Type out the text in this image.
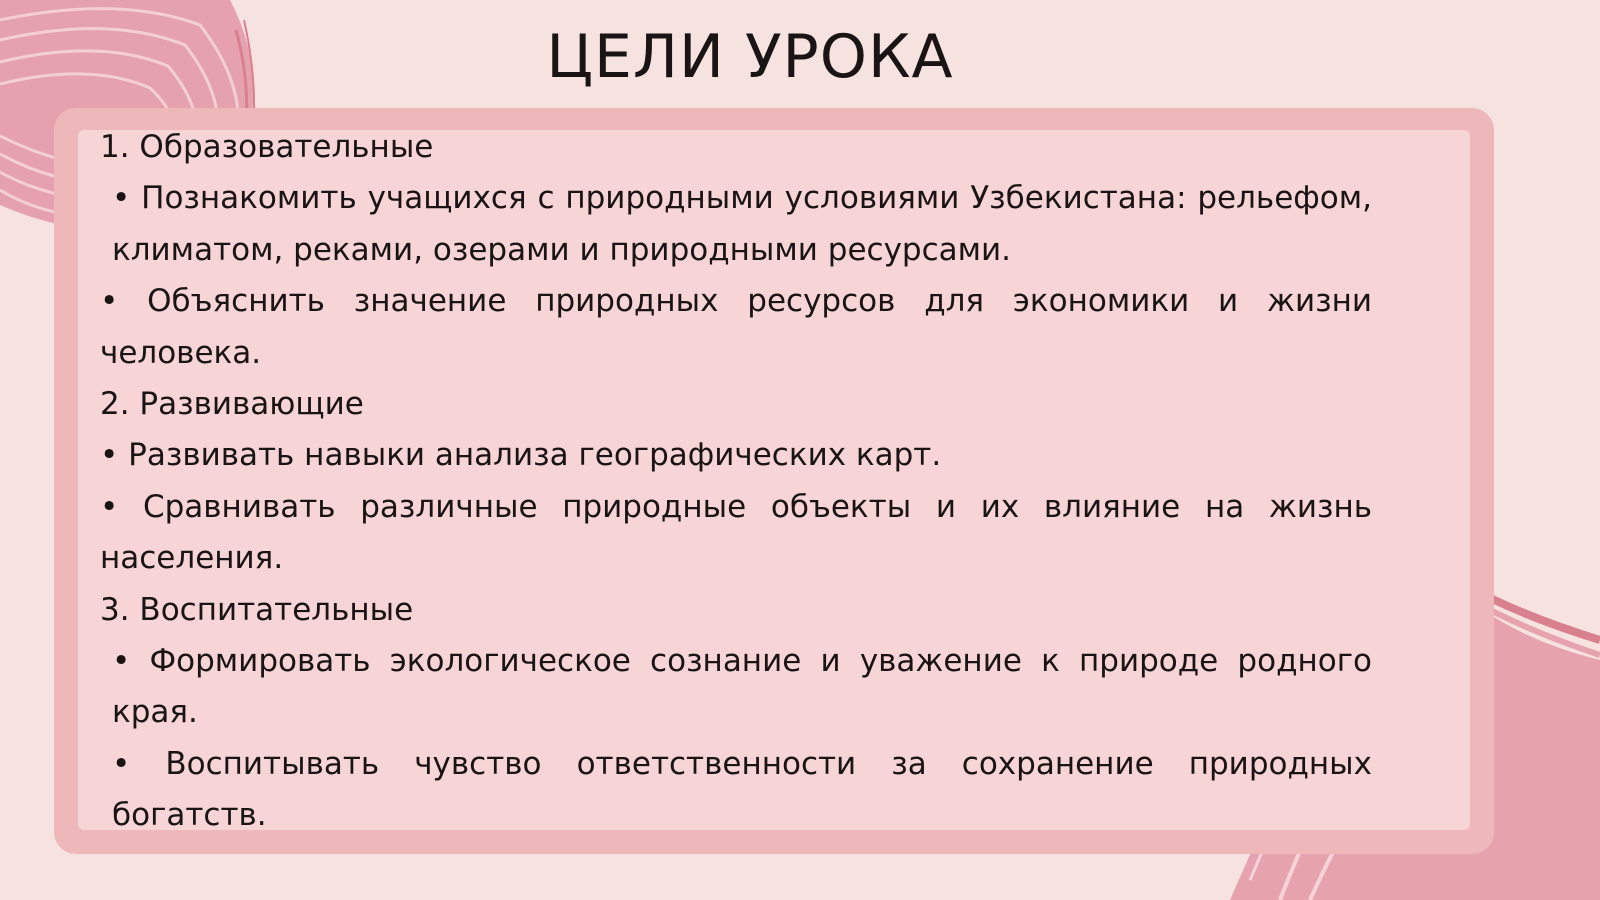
ЦЕЛИ УРОКА

1. Образовательные

• Познакомить учащихся с природными условиями Узбекистана: рельефом, климатом, реками, озерами и природными ресурсами.

• Объяснить значение природных ресурсов для экономики и жизни человека.

2. Развивающие

• Развивать навыки анализа географических карт.

• Сравнивать различные природные объекты и их влияние на жизнь населения.

3. Воспитательные

• Формировать экологическое сознание и уважение к природе родного края.

• Воспитывать чувство ответственности за сохранение природных богатств.
